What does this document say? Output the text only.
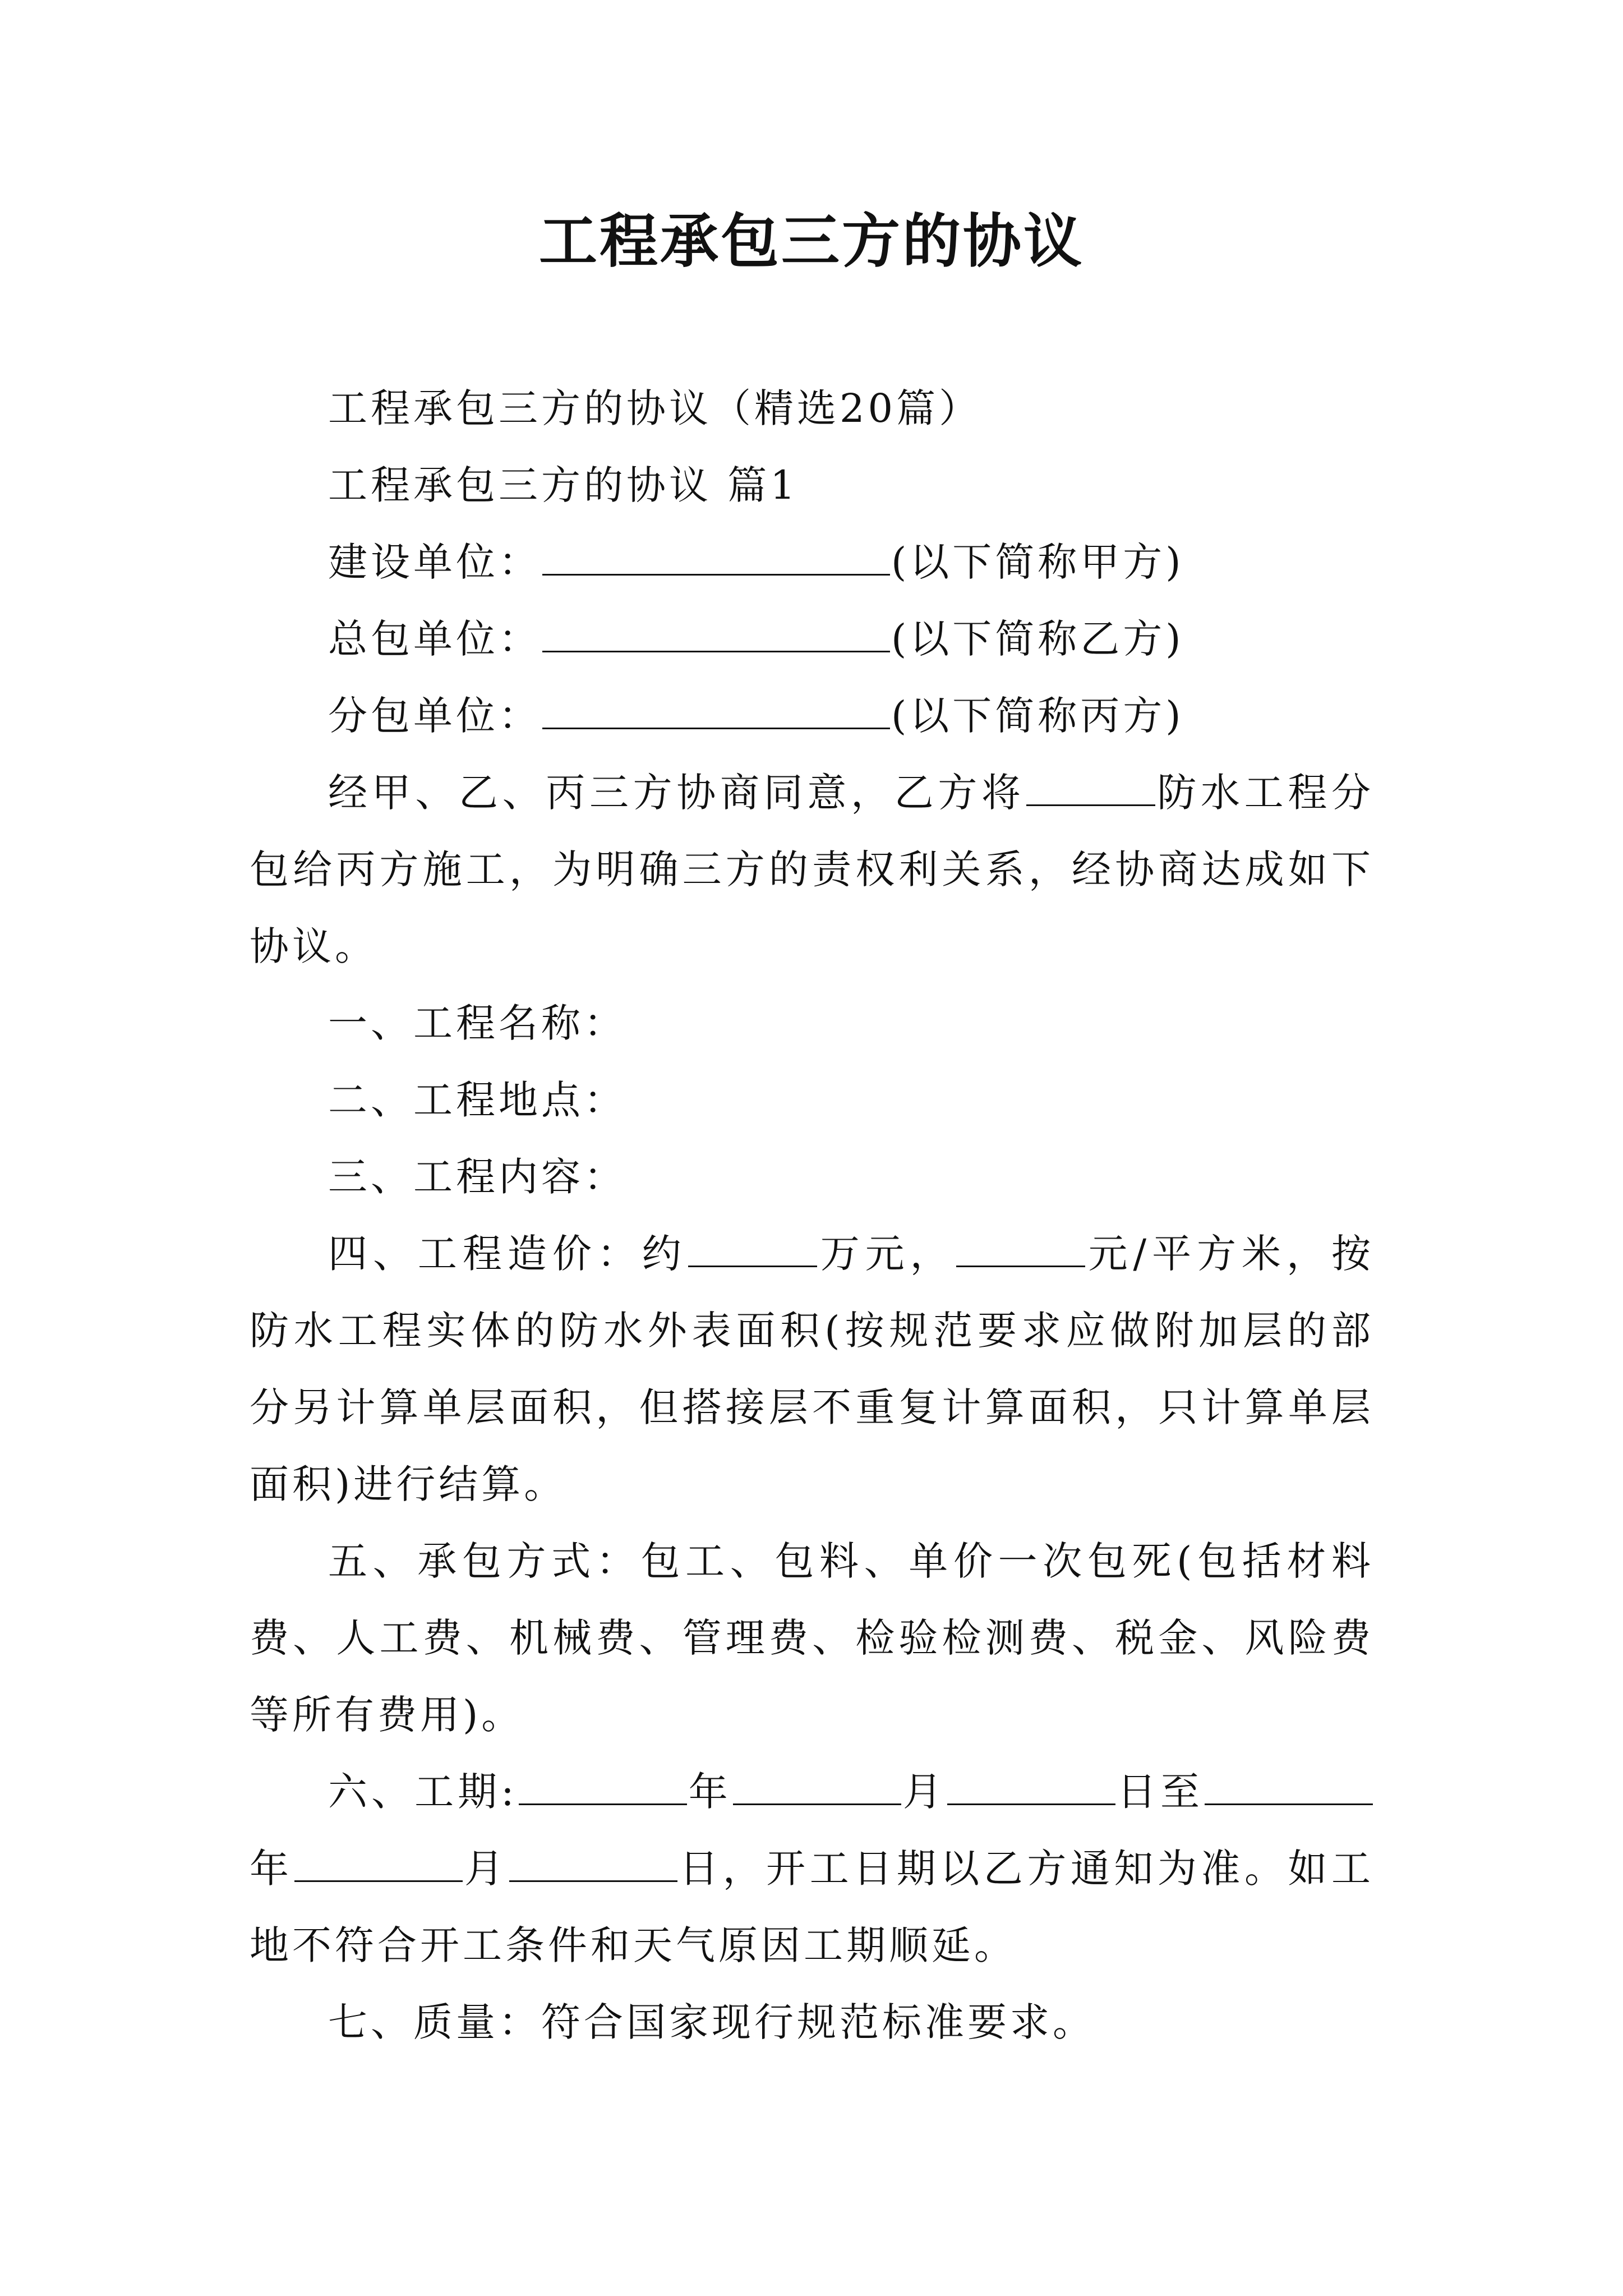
工程承包三方的协议

工程承包三方的协议（精选20篇）

工程承包三方的协议 篇1

建设单位：	(以下简称甲方)

总包单位：	(以下简称乙方)

分包单位：	(以下简称丙方)

经甲、乙、丙三方协商同意，乙方将	防水工程分包给丙方施工，为明确三方的责权利关系，经协商达成如下协议。

一、工程名称：

二、工程地点：

三、工程内容：

四、工程造价：约	万元，	元/平方米，按防水工程实体的防水外表面积(按规范要求应做附加层的部分另计算单层面积，但搭接层不重复计算面积，只计算单层面积)进行结算。

五、承包方式：包工、包料、单价一次包死(包括材料费、人工费、机械费、管理费、检验检测费、税金、风险费等所有费用)。

六、工期:	年	月	日至年	月	日，开工日期以乙方通知为准。如工地不符合开工条件和天气原因工期顺延。

七、质量：符合国家现行规范标准要求。
